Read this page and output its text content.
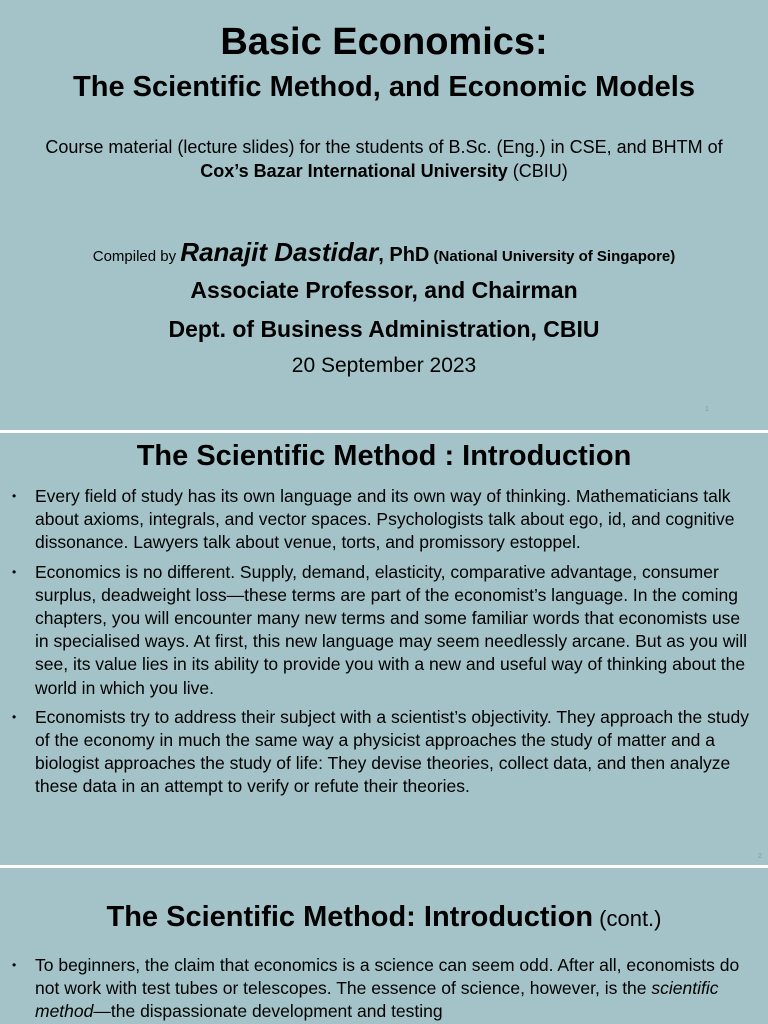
Basic Economics:
The Scientific Method, and Economic Models
Course material (lecture slides) for the students of B.Sc. (Eng.) in CSE, and BHTM of
Cox’s Bazar International University (CBIU)
Compiled by Ranajit Dastidar, PhD (National University of Singapore)
Associate Professor, and Chairman
Dept. of Business Administration, CBIU
20 September 2023
1
The Scientific Method : Introduction
• Every field of study has its own language and its own way of thinking. Mathematicians talk about axioms, integrals, and vector spaces. Psychologists talk about ego, id, and cognitive dissonance. Lawyers talk about venue, torts, and promissory estoppel.
• Economics is no different. Supply, demand, elasticity, comparative advantage, consumer surplus, deadweight loss—these terms are part of the economist’s language. In the coming chapters, you will encounter many new terms and some familiar words that economists use in specialised ways. At first, this new language may seem needlessly arcane. But as you will see, its value lies in its ability to provide you with a new and useful way of thinking about the world in which you live.
• Economists try to address their subject with a scientist’s objectivity. They approach the study of the economy in much the same way a physicist approaches the study of matter and a biologist approaches the study of life: They devise theories, collect data, and then analyze these data in an attempt to verify or refute their theories.
2
The Scientific Method: Introduction (cont.)
• To beginners, the claim that economics is a science can seem odd. After all, economists do not work with test tubes or telescopes. The essence of science, however, is the scientific method—the dispassionate development and testing
